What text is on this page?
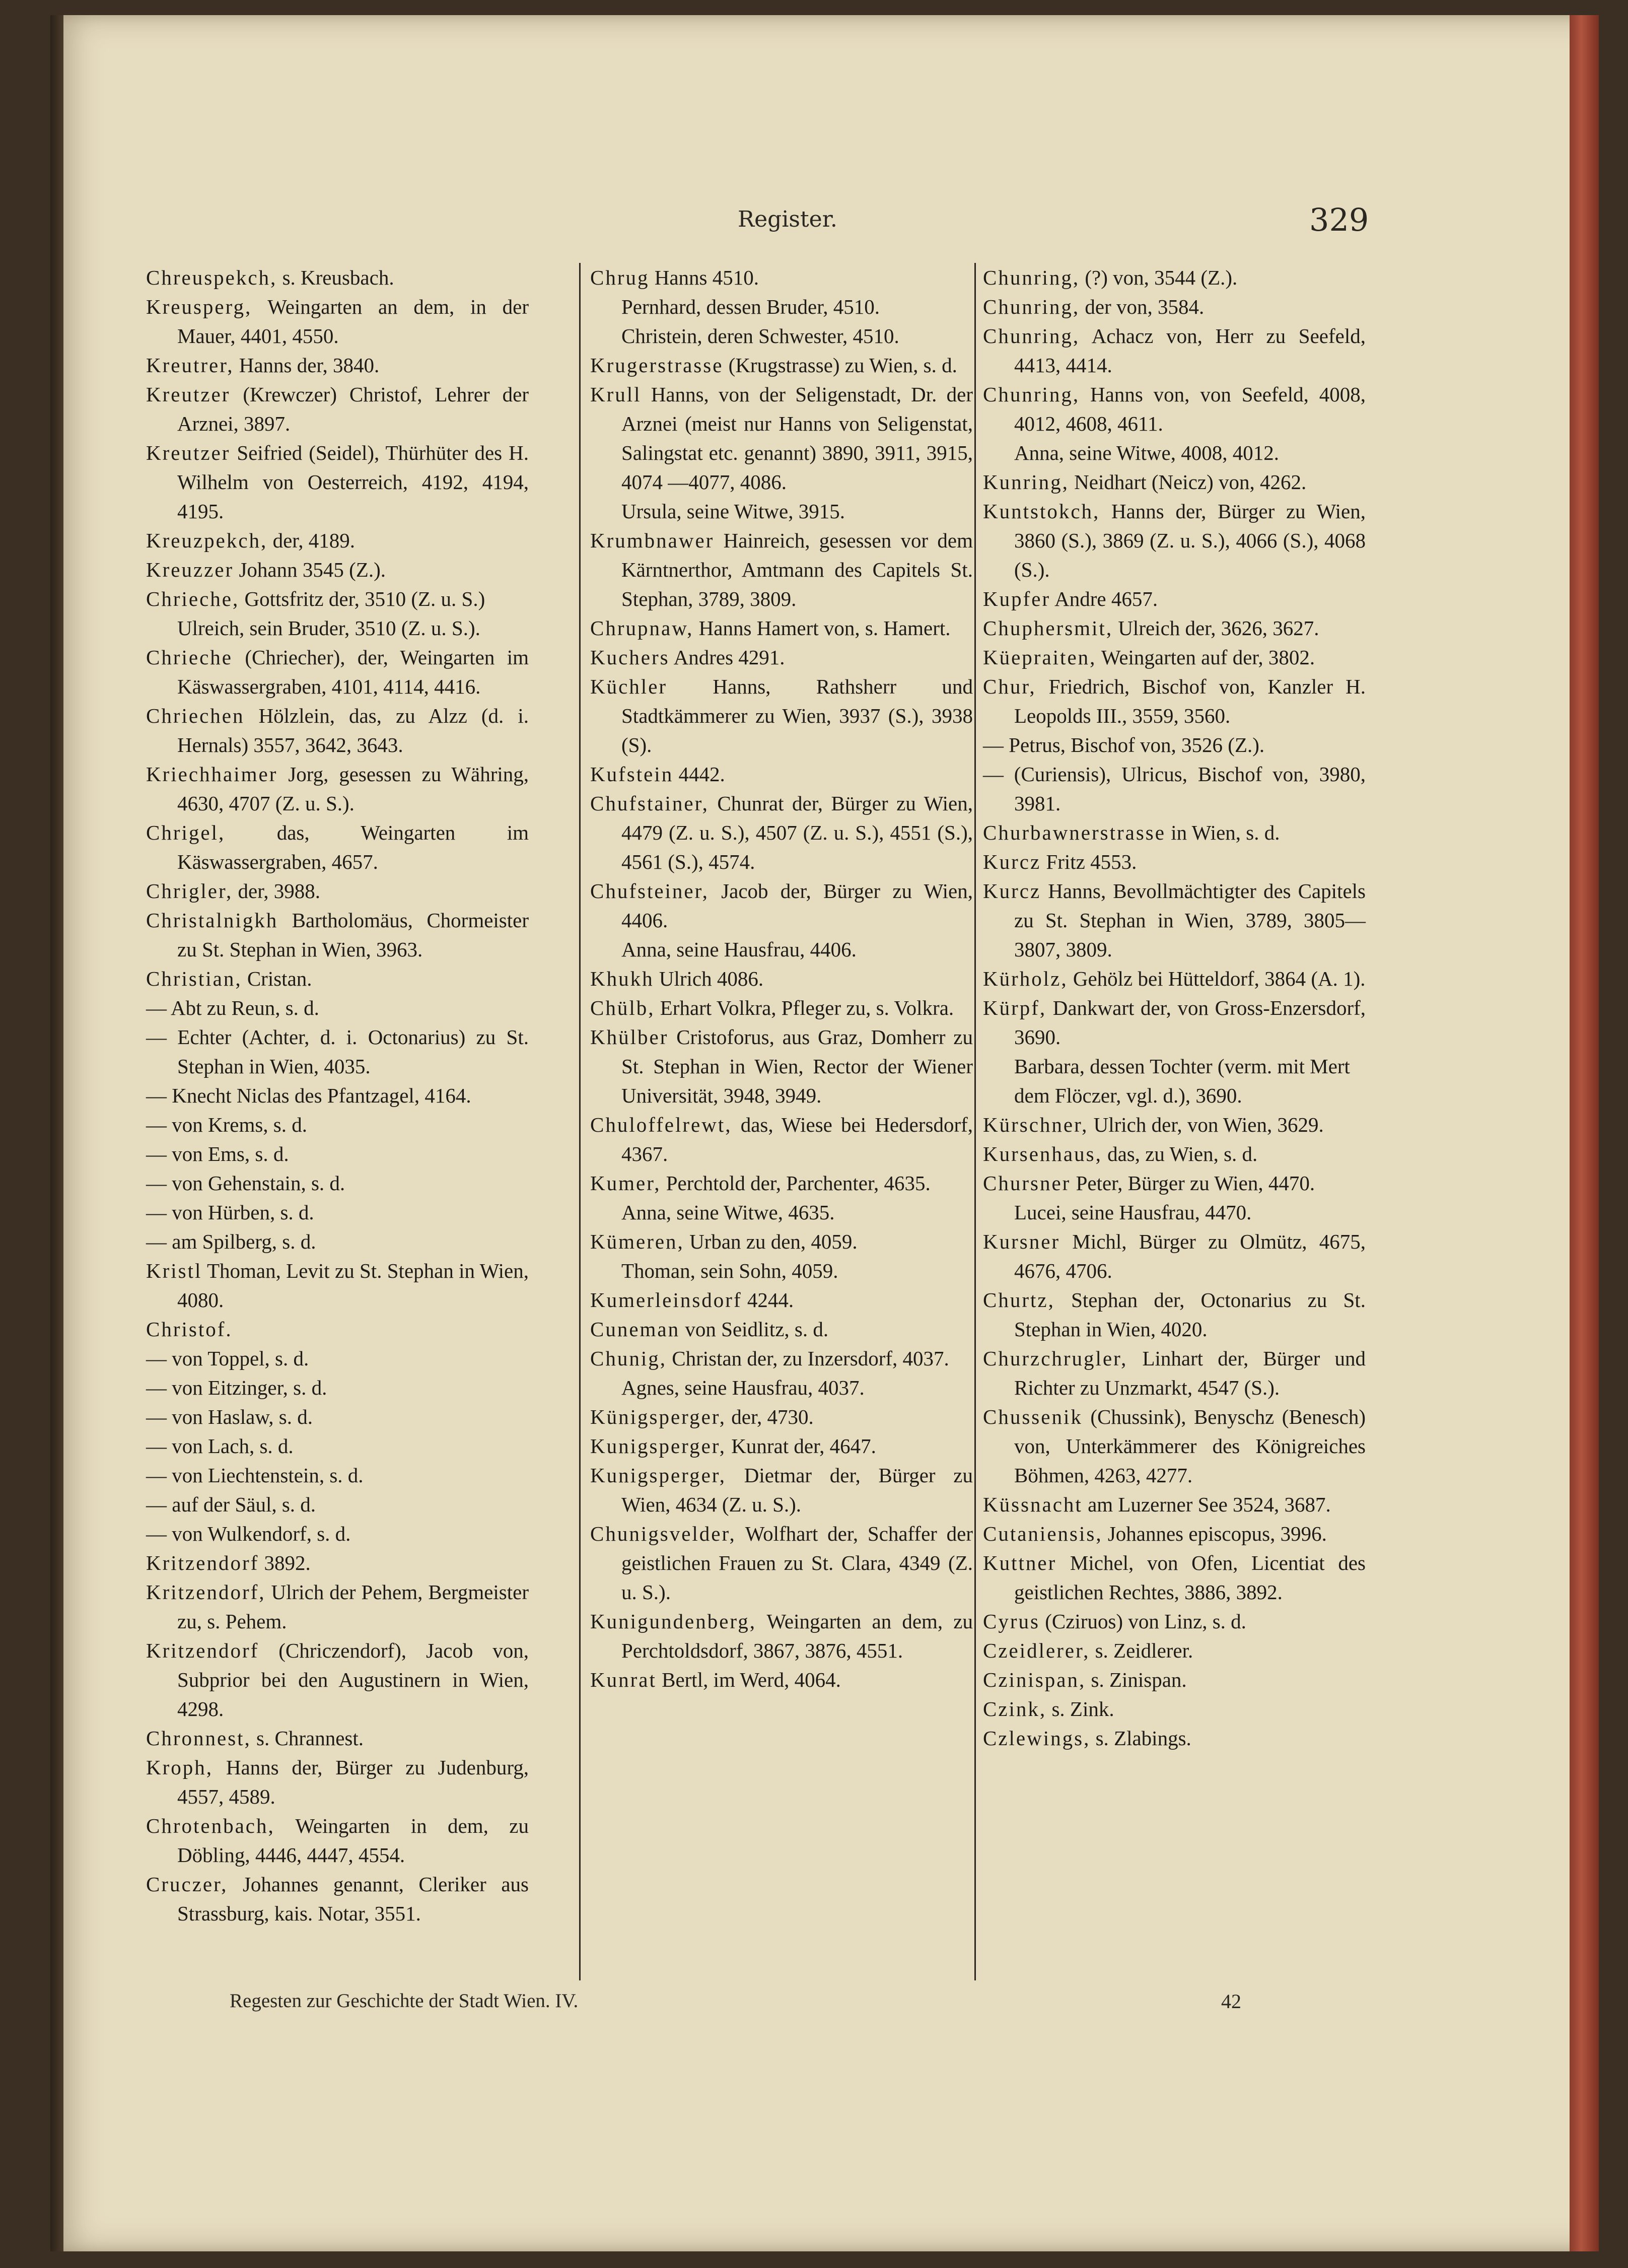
Register.	329

Chreuspekch, s. Kreusbach.

Kreusperg, Weingarten an dem, in der Mauer, 4401, 4550.

Kreutrer, Hanns der, 3840.

Kreutzer (Krewczer) Christof, Lehrer der Arznei, 3897.

Kreutzer Seifried (Seidel), Thürhüter des H. Wilhelm von Oesterreich, 4192, 4194, 4195.

Kreuzpekch, der, 4189.

Kreuzzer Johann 3545 (Z.).

Chrieche, Gottsfritz der, 3510 (Z. u. S.)

Ulreich, sein Bruder, 3510 (Z. u. S.).

Chrieche (Chriecher), der, Weingarten im Käswassergraben, 4101, 4114, 4416.

Chriechen Hölzlein, das, zu Alzz (d. i. Hernals) 3557, 3642, 3643.

Kriechhaimer Jorg, gesessen zu Währing, 4630, 4707 (Z. u. S.).

Chrigel, das, Weingarten im Käswassergraben, 4657.

Chrigler, der, 3988.

Christalnigkh Bartholomäus, Chormeister zu St. Stephan in Wien, 3963.

Christian, Cristan.

— Abt zu Reun, s. d.

— Echter (Achter, d. i. Octonarius) zu St. Stephan in Wien, 4035.

— Knecht Niclas des Pfantzagel, 4164.

— von Krems, s. d.

— von Ems, s. d.

— von Gehenstain, s. d.

— von Hürben, s. d.

— am Spilberg, s. d.

Kristl Thoman, Levit zu St. Stephan in Wien, 4080.

Christof.

— von Toppel, s. d.

— von Eitzinger, s. d.

— von Haslaw, s. d.

— von Lach, s. d.

— von Liechtenstein, s. d.

— auf der Säul, s. d.

— von Wulkendorf, s. d.

Kritzendorf 3892.

Kritzendorf, Ulrich der Pehem, Bergmeister zu, s. Pehem.

Kritzendorf (Chriczendorf), Jacob von, Subprior bei den Augustinern in Wien, 4298.

Chronnest, s. Chrannest.

Kroph, Hanns der, Bürger zu Judenburg, 4557, 4589.

Chrotenbach, Weingarten in dem, zu Döbling, 4446, 4447, 4554.

Cruczer, Johannes genannt, Cleriker aus Strassburg, kais. Notar, 3551.

Chrug Hanns 4510.

Pernhard, dessen Bruder, 4510.

Christein, deren Schwester, 4510.

Krugerstrasse (Krugstrasse) zu Wien, s. d.

Krull Hanns, von der Seligenstadt, Dr. der Arznei (meist nur Hanns von Seligenstat, Salingstat etc. genannt) 3890, 3911, 3915, 4074 —4077, 4086.

Ursula, seine Witwe, 3915.

Krumbnawer Hainreich, gesessen vor dem Kärntnerthor, Amtmann des Capitels St. Stephan, 3789, 3809.

Chrupnaw, Hanns Hamert von, s. Hamert.

Kuchers Andres 4291.

Küchler Hanns, Rathsherr und Stadtkämmerer zu Wien, 3937 (S.), 3938 (S).

Kufstein 4442.

Chufstainer, Chunrat der, Bürger zu Wien, 4479 (Z. u. S.), 4507 (Z. u. S.), 4551 (S.), 4561 (S.), 4574.

Chufsteiner, Jacob der, Bürger zu Wien, 4406.

Anna, seine Hausfrau, 4406.

Khukh Ulrich 4086.

Chülb, Erhart Volkra, Pfleger zu, s. Volkra.

Khülber Cristoforus, aus Graz, Domherr zu St. Stephan in Wien, Rector der Wiener Universität, 3948, 3949.

Chuloffelrewt, das, Wiese bei Hedersdorf, 4367.

Kumer, Perchtold der, Parchenter, 4635.

Anna, seine Witwe, 4635.

Kümeren, Urban zu den, 4059.

Thoman, sein Sohn, 4059.

Kumerleinsdorf 4244.

Cuneman von Seidlitz, s. d.

Chunig, Christan der, zu Inzersdorf, 4037.

Agnes, seine Hausfrau, 4037.

Künigsperger, der, 4730.

Kunigsperger, Kunrat der, 4647.

Kunigsperger, Dietmar der, Bürger zu Wien, 4634 (Z. u. S.).

Chunigsvelder, Wolfhart der, Schaffer der geistlichen Frauen zu St. Clara, 4349 (Z. u. S.).

Kunigundenberg, Weingarten an dem, zu Perchtoldsdorf, 3867, 3876, 4551.

Kunrat Bertl, im Werd, 4064.

Chunring, (?) von, 3544 (Z.).

Chunring, der von, 3584.

Chunring, Achacz von, Herr zu Seefeld, 4413, 4414.

Chunring, Hanns von, von Seefeld, 4008, 4012, 4608, 4611.

Anna, seine Witwe, 4008, 4012.

Kunring, Neidhart (Neicz) von, 4262.

Kuntstokch, Hanns der, Bürger zu Wien, 3860 (S.), 3869 (Z. u. S.), 4066 (S.), 4068 (S.).

Kupfer Andre 4657.

Chuphersmit, Ulreich der, 3626, 3627.

Küepraiten, Weingarten auf der, 3802.

Chur, Friedrich, Bischof von, Kanzler H. Leopolds III., 3559, 3560.

— Petrus, Bischof von, 3526 (Z.).

— (Curiensis), Ulricus, Bischof von, 3980, 3981.

Churbawnerstrasse in Wien, s. d.

Kurcz Fritz 4553.

Kurcz Hanns, Bevollmächtigter des Capitels zu St. Stephan in Wien, 3789, 3805—3807, 3809.

Kürholz, Gehölz bei Hütteldorf, 3864 (A. 1).

Kürpf, Dankwart der, von Gross-Enzersdorf, 3690.

Barbara, dessen Tochter (verm. mit Mert dem Flöczer, vgl. d.), 3690.

Kürschner, Ulrich der, von Wien, 3629.

Kursenhaus, das, zu Wien, s. d.

Chursner Peter, Bürger zu Wien, 4470.

Lucei, seine Hausfrau, 4470.

Kursner Michl, Bürger zu Olmütz, 4675, 4676, 4706.

Churtz, Stephan der, Octonarius zu St. Stephan in Wien, 4020.

Churzchrugler, Linhart der, Bürger und Richter zu Unzmarkt, 4547 (S.).

Chussenik (Chussink), Benyschz (Benesch) von, Unterkämmerer des Königreiches Böhmen, 4263, 4277.

Küssnacht am Luzerner See 3524, 3687.

Cutaniensis, Johannes episcopus, 3996.

Kuttner Michel, von Ofen, Licentiat des geistlichen Rechtes, 3886, 3892.

Cyrus (Cziruos) von Linz, s. d.

Czeidlerer, s. Zeidlerer.

Czinispan, s. Zinispan.

Czink, s. Zink.

Czlewings, s. Zlabings.

Regesten zur Geschichte der Stadt Wien. IV.	42
